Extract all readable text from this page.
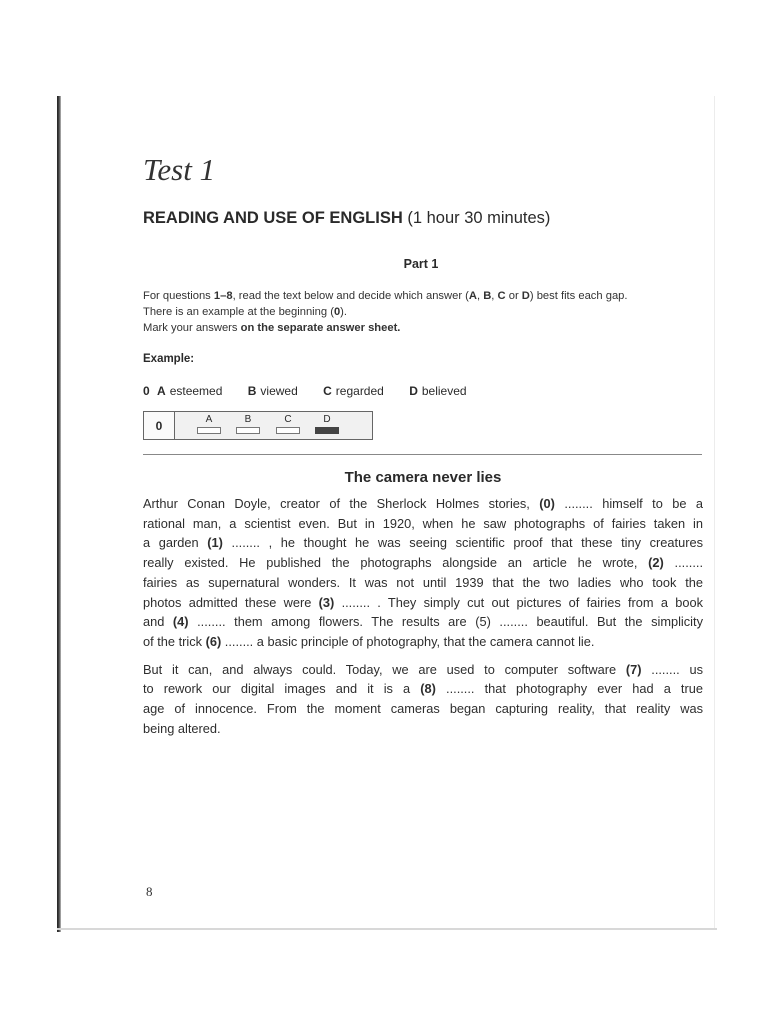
Test 1
READING AND USE OF ENGLISH (1 hour 30 minutes)
Part 1
For questions 1–8, read the text below and decide which answer (A, B, C or D) best fits each gap.
There is an example at the beginning (0).
Mark your answers on the separate answer sheet.
Example:
0 A esteemed B viewed C regarded D believed
0	A	B	C	D
The camera never lies
Arthur Conan Doyle, creator of the Sherlock Holmes stories, (0) ........ himself to be a
rational man, a scientist even. But in 1920, when he saw photographs of fairies taken in
a garden (1) ........ , he thought he was seeing scientific proof that these tiny creatures
really existed. He published the photographs alongside an article he wrote, (2) ........
fairies as supernatural wonders. It was not until 1939 that the two ladies who took the
photos admitted these were (3) ........ . They simply cut out pictures of fairies from a book
and (4) ........ them among flowers. The results are (5) ........ beautiful. But the simplicity
of the trick (6) ........ a basic principle of photography, that the camera cannot lie.
But it can, and always could. Today, we are used to computer software (7) ........ us
to rework our digital images and it is a (8) ........ that photography ever had a true
age of innocence. From the moment cameras began capturing reality, that reality was
being altered.
8
